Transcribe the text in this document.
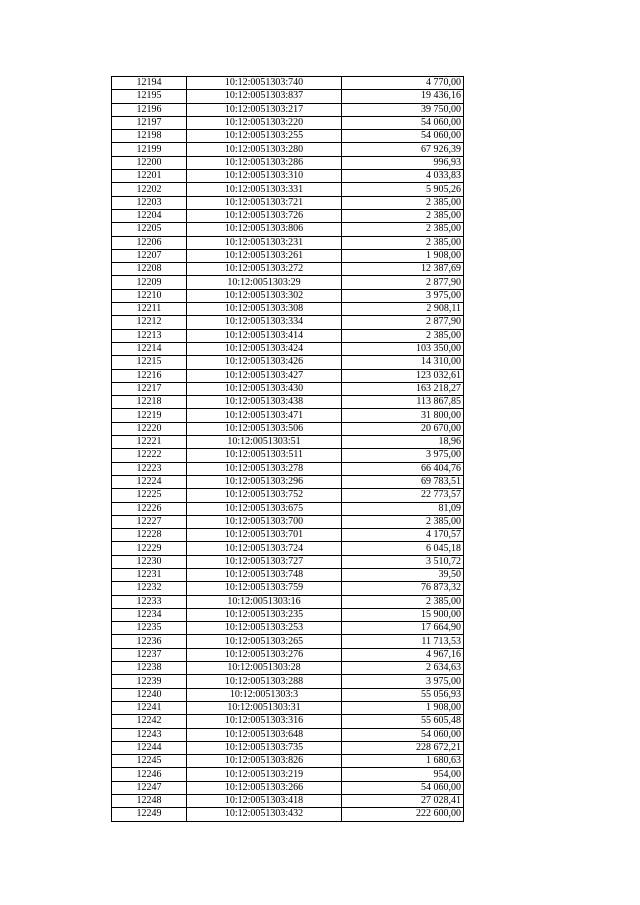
12194	10:12:0051303:740	4 770,00
12195	10:12:0051303:837	19 436,16
12196	10:12:0051303:217	39 750,00
12197	10:12:0051303:220	54 060,00
12198	10:12:0051303:255	54 060,00
12199	10:12:0051303:280	67 926,39
12200	10:12:0051303:286	996,93
12201	10:12:0051303:310	4 033,83
12202	10:12:0051303:331	5 905,26
12203	10:12:0051303:721	2 385,00
12204	10:12:0051303:726	2 385,00
12205	10:12:0051303:806	2 385,00
12206	10:12:0051303:231	2 385,00
12207	10:12:0051303:261	1 908,00
12208	10:12:0051303:272	12 387,69
12209	10:12:0051303:29	2 877,90
12210	10:12:0051303:302	3 975,00
12211	10:12:0051303:308	2 908,11
12212	10:12:0051303:334	2 877,90
12213	10:12:0051303:414	2 385,00
12214	10:12:0051303:424	103 350,00
12215	10:12:0051303:426	14 310,00
12216	10:12:0051303:427	123 032,61
12217	10:12:0051303:430	163 218,27
12218	10:12:0051303:438	113 867,85
12219	10:12:0051303:471	31 800,00
12220	10:12:0051303:506	20 670,00
12221	10:12:0051303:51	18,96
12222	10:12:0051303:511	3 975,00
12223	10:12:0051303:278	66 404,76
12224	10:12:0051303:296	69 783,51
12225	10:12:0051303:752	22 773,57
12226	10:12:0051303:675	81,09
12227	10:12:0051303:700	2 385,00
12228	10:12:0051303:701	4 170,57
12229	10:12:0051303:724	6 045,18
12230	10:12:0051303:727	3 510,72
12231	10:12:0051303:748	39,50
12232	10:12:0051303:759	76 873,32
12233	10:12:0051303:16	2 385,00
12234	10:12:0051303:235	15 900,00
12235	10:12:0051303:253	17 664,90
12236	10:12:0051303:265	11 713,53
12237	10:12:0051303:276	4 967,16
12238	10:12:0051303:28	2 634,63
12239	10:12:0051303:288	3 975,00
12240	10:12:0051303:3	55 056,93
12241	10:12:0051303:31	1 908,00
12242	10:12:0051303:316	55 605,48
12243	10:12:0051303:648	54 060,00
12244	10:12:0051303:735	228 672,21
12245	10:12:0051303:826	1 680,63
12246	10:12:0051303:219	954,00
12247	10:12:0051303:266	54 060,00
12248	10:12:0051303:418	27 028,41
12249	10:12:0051303:432	222 600,00
